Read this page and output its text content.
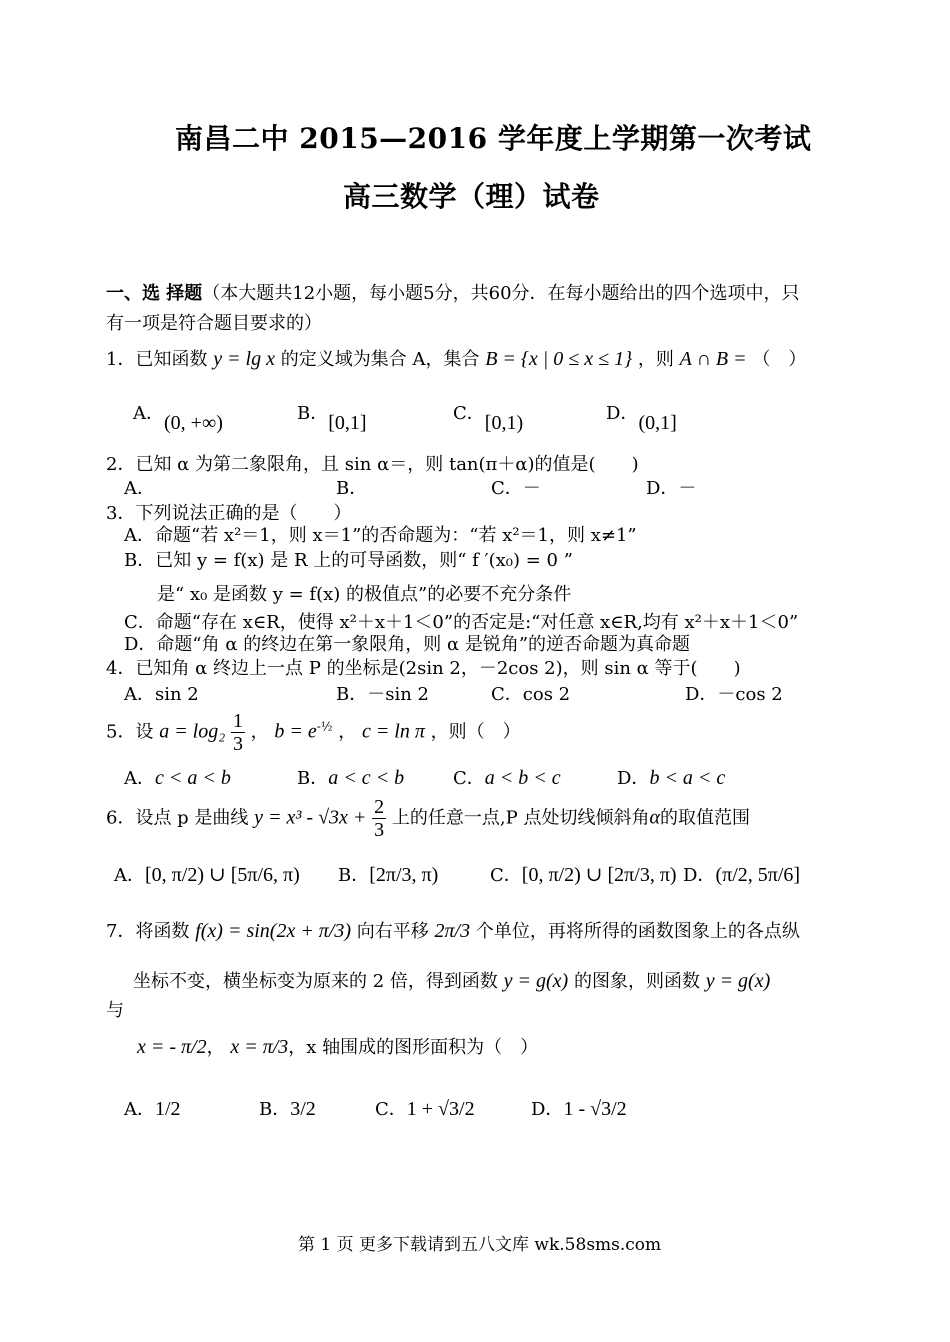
南昌二中 2015—2016 学年度上学期第一次考试
高三数学（理）试卷
一、选 择题（本大题共12小题，每小题5分，共60分．在每小题给出的四个选项中，只
有一项是符合题目要求的）
1．已知函数 y = lg x 的定义域为集合 A，集合 B = {x | 0 ≤ x ≤ 1} ，则 A ∩ B = （　）
A．(0, +∞)	B．[0,1]	C．[0,1)	D．(0,1]
2．已知 α 为第二象限角，且 sin α＝，则 tan(π＋α)的值是(　　)
A．	B．	C．－	D．－
3．下列说法正确的是（　　）
A．命题“若 x²＝1，则 x＝1”的否命题为：“若 x²＝1，则 x≠1”
B．已知 y = f(x) 是 R 上的可导函数，则“ f ′(x₀) = 0 ”
是“ x₀ 是函数 y = f(x) 的极值点”的必要不充分条件
C．命题“存在 x∈R，使得 x²＋x＋1＜0”的否定是:“对任意 x∈R,均有 x²＋x＋1＜0”
D．命题“角 α 的终边在第一象限角，则 α 是锐角”的逆否命题为真命题
4．已知角 α 终边上一点 P 的坐标是(2sin 2，－2cos 2)，则 sin α 等于(　　)
A．sin 2	B．－sin 2	C．cos 2	D．－cos 2
5．设 $a = \log_2 \frac{1}{3}$ ， $b = e^{-\frac{1}{2}}$ ， c = ln π ，则（　）
A．c < a < b	B．a < c < b	C．a < b < c	D．b < a < c
6．设点 p 是曲线 $y = x^3 - √3x + \frac{2}{3}$ 上的任意一点,P 点处切线倾斜角α的取值范围
A．[0, π/2) ∪ [5π/6, π) B．[2π/3, π)	C．[0, π/2) ∪ [2π/3, π) D．(π/2, 5π/6]
7．将函数 f(x) = sin(2x + π/3) 向右平移 2π/3 个单位，再将所得的函数图象上的各点纵
坐标不变，横坐标变为原来的 2 倍，得到函数 y = g(x) 的图象，则函数 y = g(x)
与
x = - π/2， x = π/3，x 轴围成的图形面积为（　）
A．1/2	B．3/2	C．1 + √3/2	D．1 - √3/2
第 1 页 更多下载请到五八文库 wk.58sms.com
